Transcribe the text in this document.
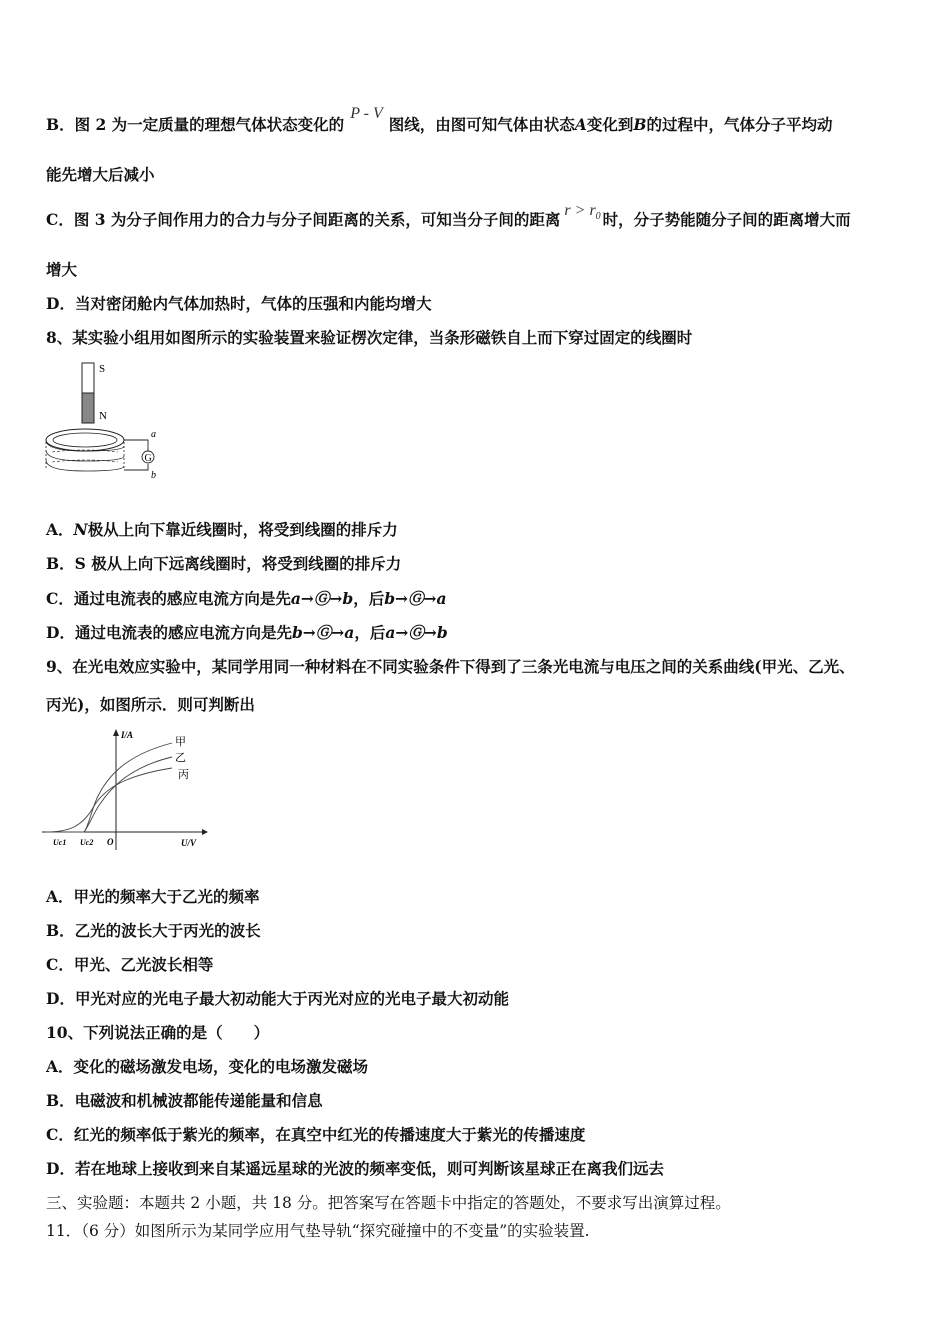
B．图 2 为一定质量的理想气体状态变化的P - V图线，由图可知气体由状态A变化到B的过程中，气体分子平均动
能先增大后减小
C．图 3 为分子间作用力的合力与分子间距离的关系，可知当分子间的距离 $r > r_0$ 时，分子势能随分子间的距离增大而
增大
D．当对密闭舱内气体加热时，气体的压强和内能均增大
8、某实验小组用如图所示的实验装置来验证楞次定律，当条形磁铁自上而下穿过固定的线圈时
S
N
G
a
b
A．N极从上向下靠近线圈时，将受到线圈的排斥力
B．S 极从上向下远离线圈时，将受到线圈的排斥力
C．通过电流表的感应电流方向是先a→Ⓖ→b，后b→Ⓖ→a
D．通过电流表的感应电流方向是先b→Ⓖ→a，后a→Ⓖ→b
9、在光电效应实验中，某同学用同一种材料在不同实验条件下得到了三条光电流与电压之间的关系曲线(甲光、乙光、
丙光)，如图所示．则可判断出
I/A
U/V
O
Uc1 Uc2
甲
乙
丙
A．甲光的频率大于乙光的频率
B．乙光的波长大于丙光的波长
C．甲光、乙光波长相等
D．甲光对应的光电子最大初动能大于丙光对应的光电子最大初动能
10、下列说法正确的是（　　）
A．变化的磁场激发电场，变化的电场激发磁场
B．电磁波和机械波都能传递能量和信息
C．红光的频率低于紫光的频率，在真空中红光的传播速度大于紫光的传播速度
D．若在地球上接收到来自某遥远星球的光波的频率变低，则可判断该星球正在离我们远去
三、实验题：本题共 2 小题，共 18 分。把答案写在答题卡中指定的答题处，不要求写出演算过程。
11．（6 分）如图所示为某同学应用气垫导轨“探究碰撞中的不变量”的实验装置.
